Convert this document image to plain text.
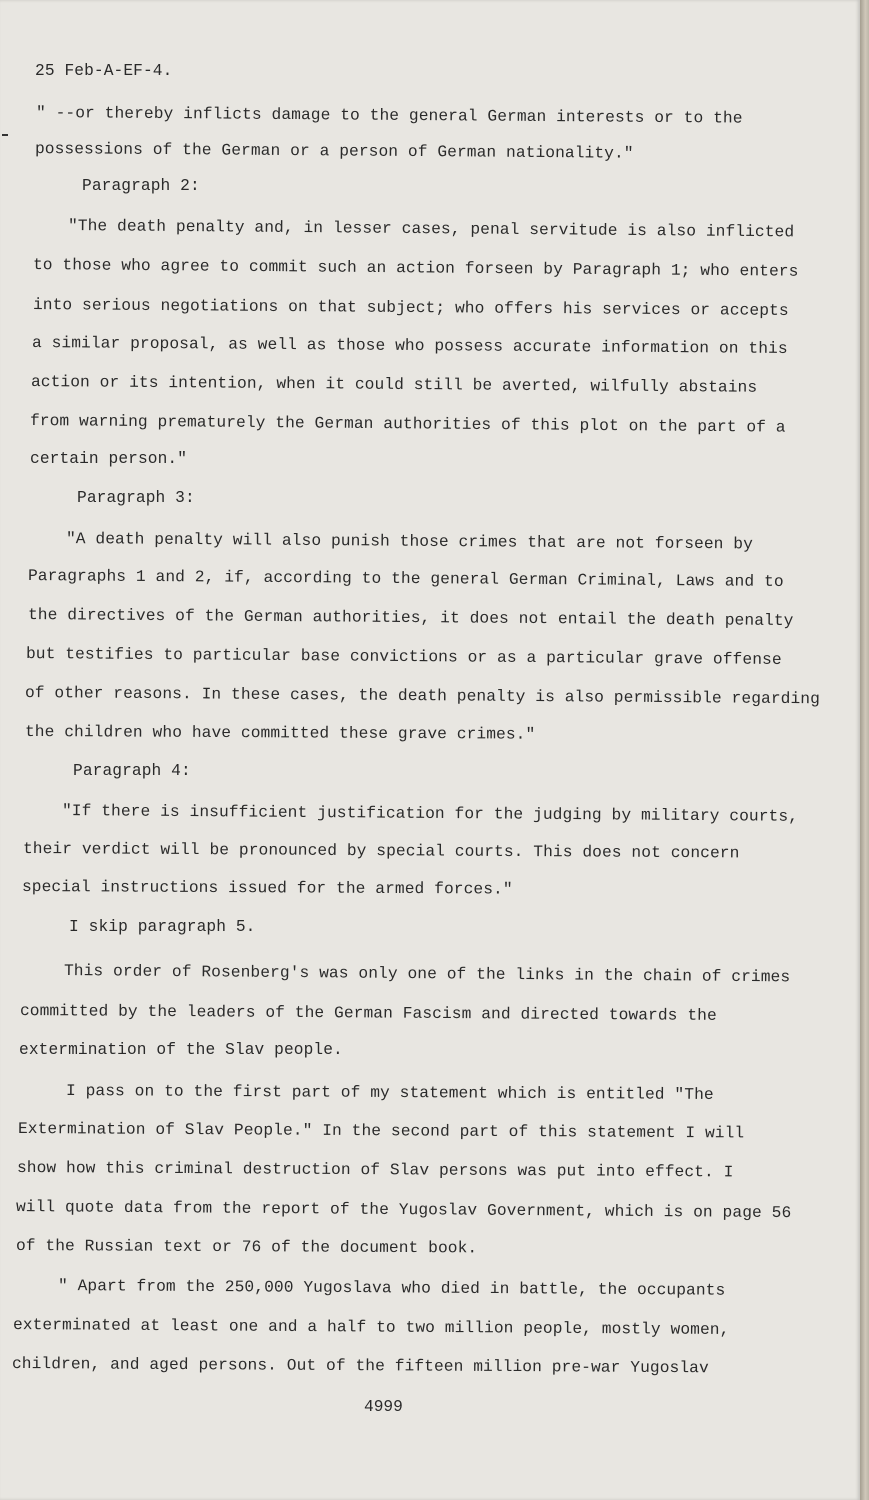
25 Feb-A-EF-4.
" --or thereby inflicts damage to the general German interests or to the
possessions of the German or a person of German nationality."
Paragraph 2:
"The death penalty and, in lesser cases, penal servitude is also inflicted
to those who agree to commit such an action forseen by Paragraph 1; who enters
into serious negotiations on that subject; who offers his services or accepts
a similar proposal, as well as those who possess accurate information on this
action or its intention, when it could still be averted, wilfully abstains
from warning prematurely the German authorities of this plot on the part of a
certain person."
Paragraph 3:
"A death penalty will also punish those crimes that are not forseen by
Paragraphs 1 and 2, if, according to the general German Criminal, Laws and to
the directives of the German authorities, it does not entail the death penalty
but testifies to particular base convictions or as a particular grave offense
of other reasons. In these cases, the death penalty is also permissible regarding
the children who have committed these grave crimes."
Paragraph 4:
"If there is insufficient justification for the judging by military courts,
their verdict will be pronounced by special courts. This does not concern
special instructions issued for the armed forces."
I skip paragraph 5.
This order of Rosenberg's was only one of the links in the chain of crimes
committed by the leaders of the German Fascism and directed towards the
extermination of the Slav people.
I pass on to the first part of my statement which is entitled "The
Extermination of Slav People." In the second part of this statement I will
show how this criminal destruction of Slav persons was put into effect. I
will quote data from the report of the Yugoslav Government, which is on page 56
of the Russian text or 76 of the document book.
" Apart from the 250,000 Yugoslava who died in battle, the occupants
exterminated at least one and a half to two million people, mostly women,
children, and aged persons. Out of the fifteen million pre-war Yugoslav
4999
